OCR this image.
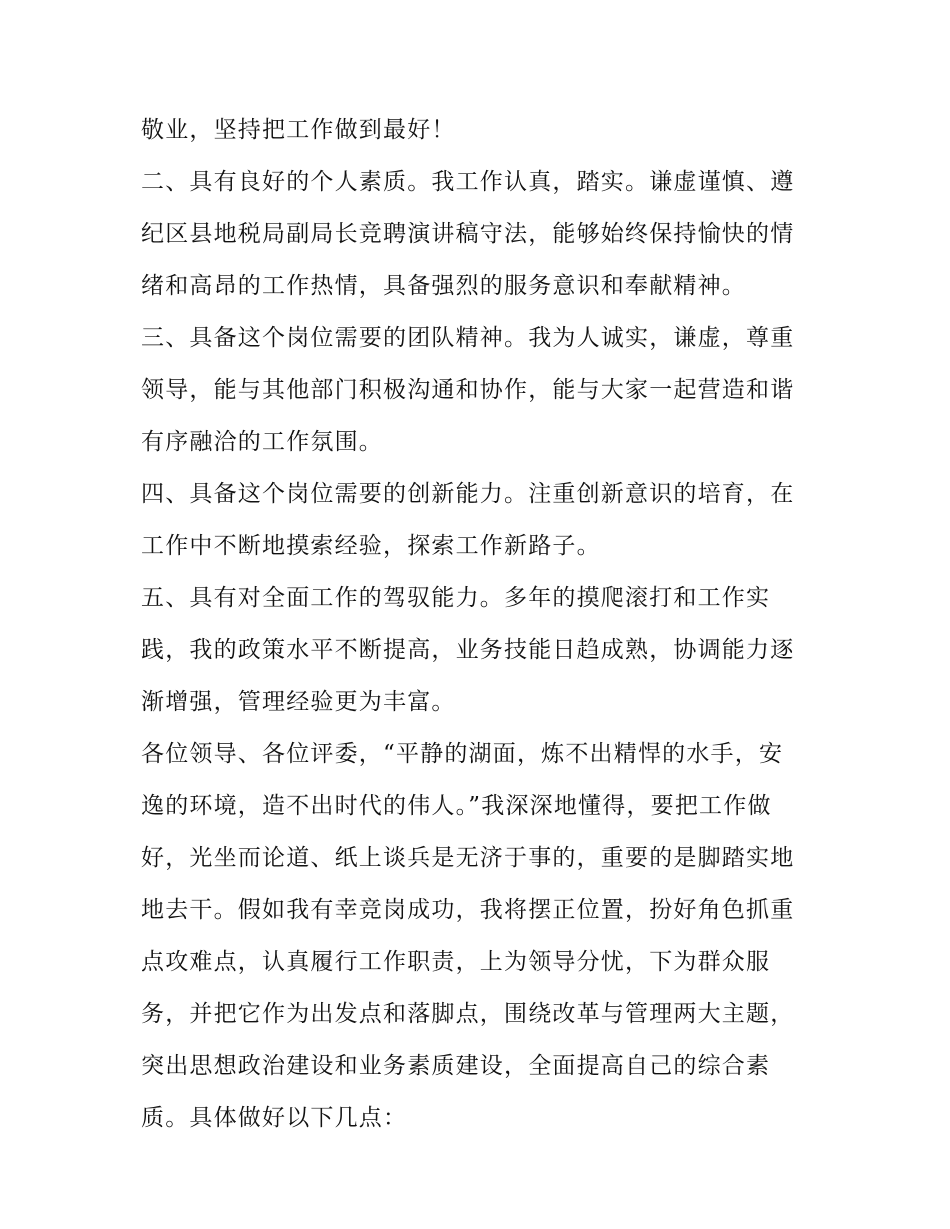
敬业，坚持把工作做到最好！
二、具有良好的个人素质。我工作认真，踏实。谦虚谨慎、遵
纪区县地税局副局长竞聘演讲稿守法，能够始终保持愉快的情
绪和高昂的工作热情，具备强烈的服务意识和奉献精神。
三、具备这个岗位需要的团队精神。我为人诚实，谦虚，尊重
领导，能与其他部门积极沟通和协作，能与大家一起营造和谐
有序融洽的工作氛围。
四、具备这个岗位需要的创新能力。注重创新意识的培育，在
工作中不断地摸索经验，探索工作新路子。
五、具有对全面工作的驾驭能力。多年的摸爬滚打和工作实
践，我的政策水平不断提高，业务技能日趋成熟，协调能力逐
渐增强，管理经验更为丰富。
各位领导、各位评委，“平静的湖面，炼不出精悍的水手，安
逸的环境，造不出时代的伟人。”我深深地懂得，要把工作做
好，光坐而论道、纸上谈兵是无济于事的，重要的是脚踏实地
地去干。假如我有幸竞岗成功，我将摆正位置，扮好角色抓重
点攻难点，认真履行工作职责，上为领导分忧，下为群众服
务，并把它作为出发点和落脚点，围绕改革与管理两大主题，
突出思想政治建设和业务素质建设，全面提高自己的综合素
质。具体做好以下几点：
